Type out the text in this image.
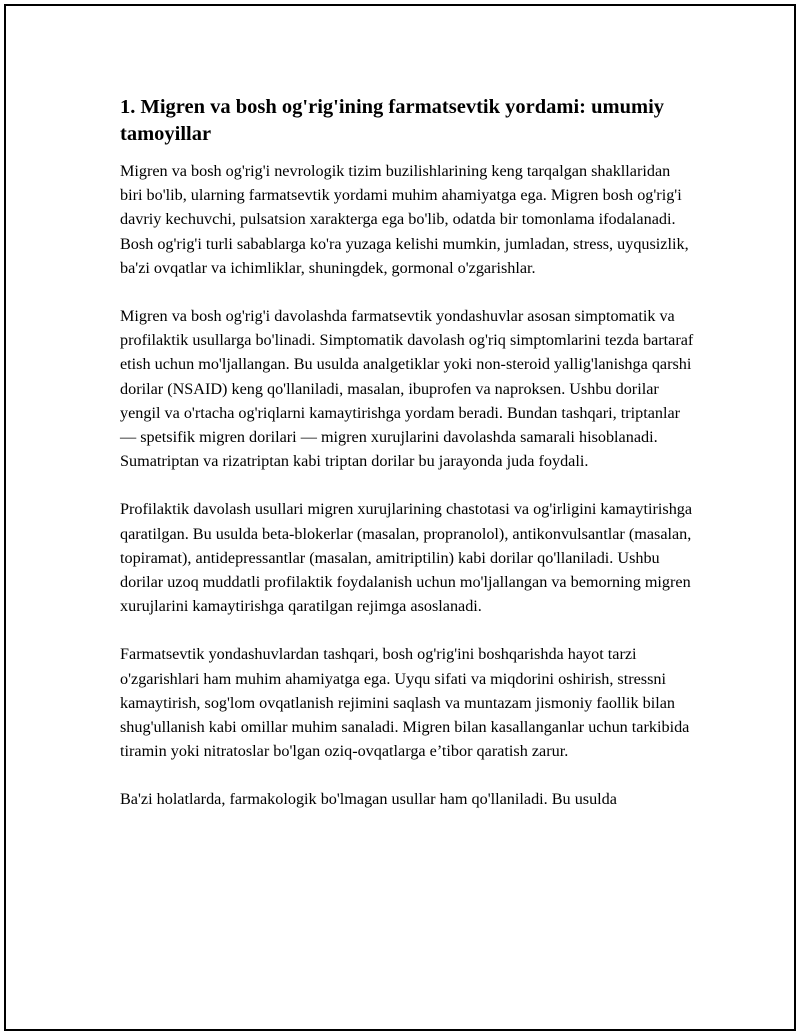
1. Migren va bosh og'rig'ining farmatsevtik yordami: umumiy tamoyillar

Migren va bosh og'rig'i nevrologik tizim buzilishlarining keng tarqalgan shakllaridan biri bo'lib, ularning farmatsevtik yordami muhim ahamiyatga ega. Migren bosh og'rig'i davriy kechuvchi, pulsatsion xarakterga ega bo'lib, odatda bir tomonlama ifodalanadi. Bosh og'rig'i turli sabablarga ko'ra yuzaga kelishi mumkin, jumladan, stress, uyqusizlik, ba'zi ovqatlar va ichimliklar, shuningdek, gormonal o'zgarishlar.

Migren va bosh og'rig'i davolashda farmatsevtik yondashuvlar asosan simptomatik va profilaktik usullarga bo'linadi. Simptomatik davolash og'riq simptomlarini tezda bartaraf etish uchun mo'ljallangan. Bu usulda analgetiklar yoki non-steroid yallig'lanishga qarshi dorilar (NSAID) keng qo'llaniladi, masalan, ibuprofen va naproksen. Ushbu dorilar yengil va o'rtacha og'riqlarni kamaytirishga yordam beradi. Bundan tashqari, triptanlar — spetsifik migren dorilari — migren xurujlarini davolashda samarali hisoblanadi. Sumatriptan va rizatriptan kabi triptan dorilar bu jarayonda juda foydali.

Profilaktik davolash usullari migren xurujlarining chastotasi va og'irligini kamaytirishga qaratilgan. Bu usulda beta-blokerlar (masalan, propranolol), antikonvulsantlar (masalan, topiramat), antidepressantlar (masalan, amitriptilin) kabi dorilar qo'llaniladi. Ushbu dorilar uzoq muddatli profilaktik foydalanish uchun mo'ljallangan va bemorning migren xurujlarini kamaytirishga qaratilgan rejimga asoslanadi.

Farmatsevtik yondashuvlardan tashqari, bosh og'rig'ini boshqarishda hayot tarzi o'zgarishlari ham muhim ahamiyatga ega. Uyqu sifati va miqdorini oshirish, stressni kamaytirish, sog'lom ovqatlanish rejimini saqlash va muntazam jismoniy faollik bilan shug'ullanish kabi omillar muhim sanaladi. Migren bilan kasallanganlar uchun tarkibida tiramin yoki nitratoslar bo'lgan oziq-ovqatlarga e’tibor qaratish zarur.

Ba'zi holatlarda, farmakologik bo'lmagan usullar ham qo'llaniladi. Bu usulda
